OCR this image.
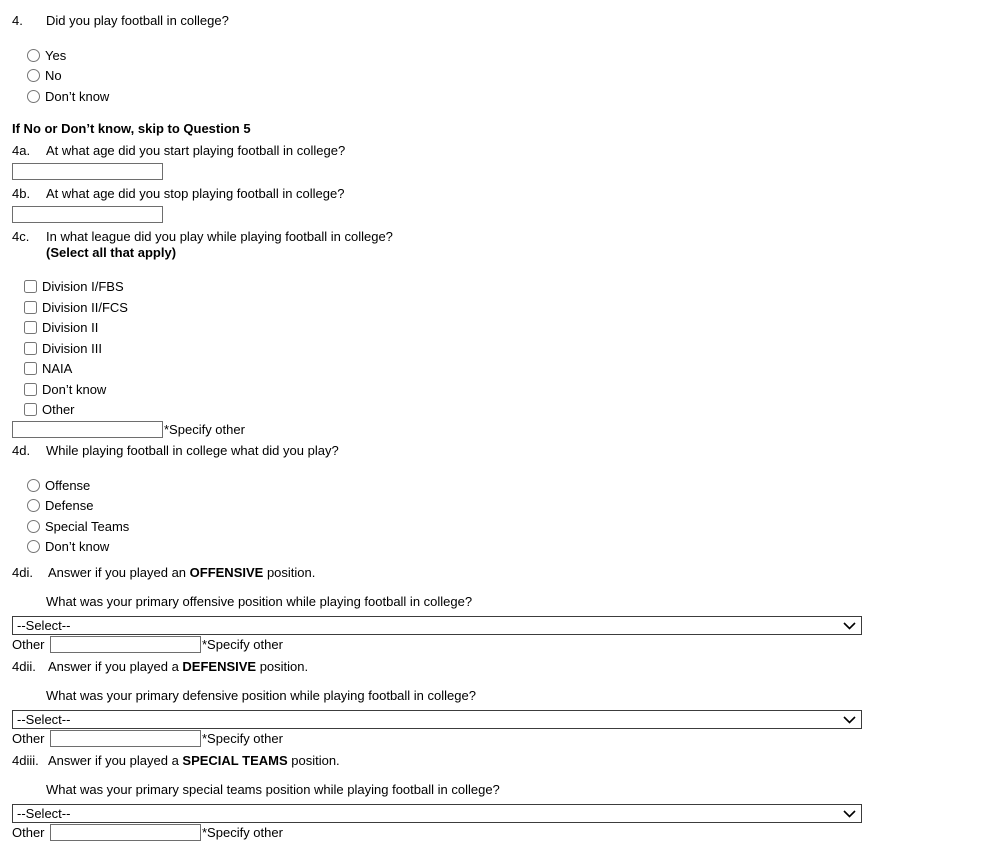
4.	Did you play football in college?
Yes
No
Don’t know
If No or Don’t know, skip to Question 5
4a.	At what age did you start playing football in college?
4b.	At what age did you stop playing football in college?
4c.	In what league did you play while playing football in college?
(Select all that apply)
Division I/FBS
Division II/FCS
Division II
Division III
NAIA
Don’t know
Other
*Specify other
4d.	While playing football in college what did you play?
Offense
Defense
Special Teams
Don’t know
4di.	Answer if you played an OFFENSIVE position.
What was your primary offensive position while playing football in college?
--Select--
Other	*Specify other
4dii. Answer if you played a DEFENSIVE position.
What was your primary defensive position while playing football in college?
--Select--
Other	*Specify other
4diii. Answer if you played a SPECIAL TEAMS position.
What was your primary special teams position while playing football in college?
--Select--
Other	*Specify other
